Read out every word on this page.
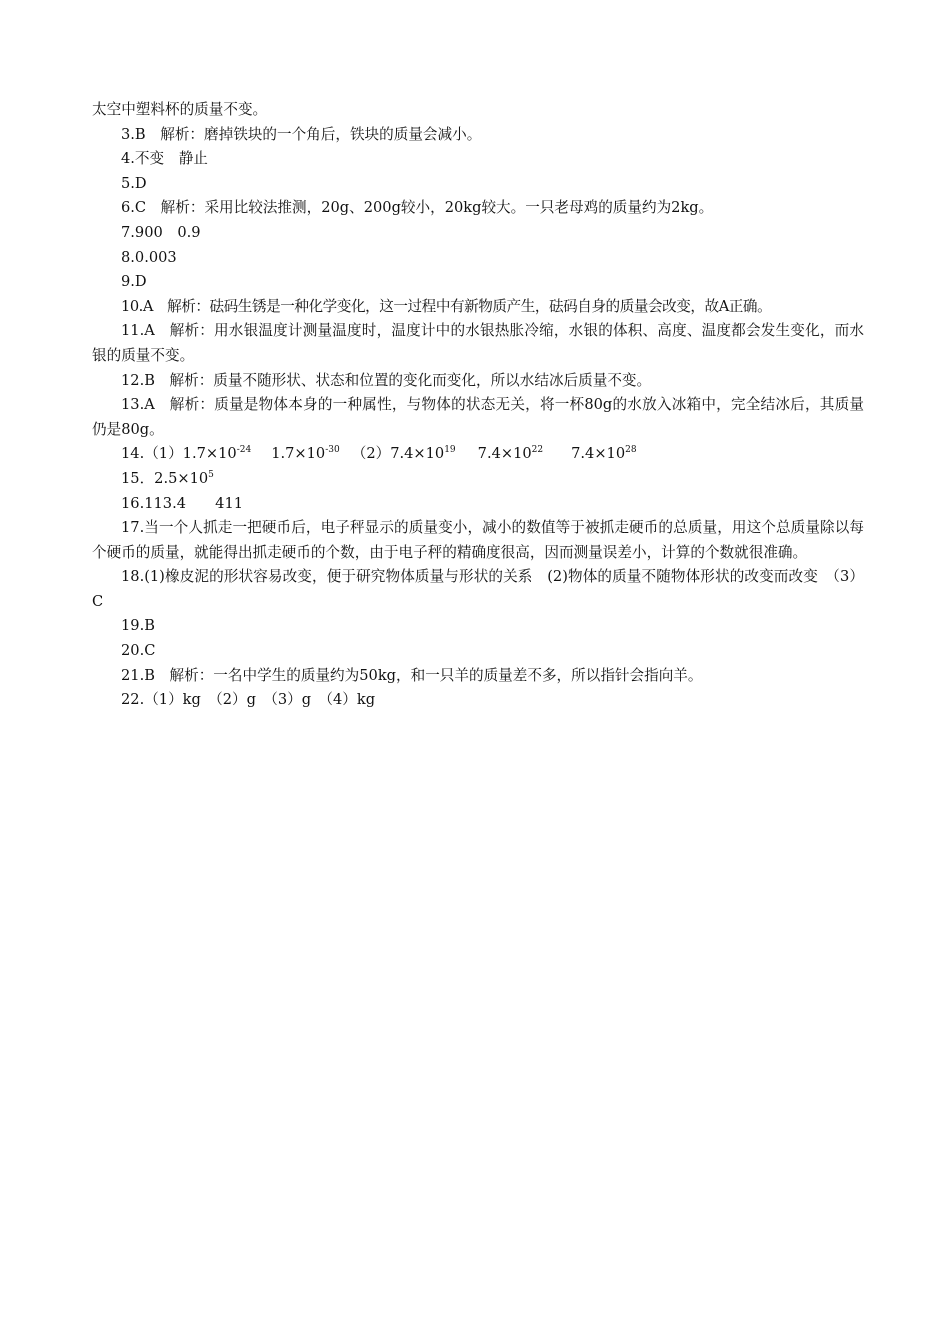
太空中塑料杯的质量不变。
3.B　解析：磨掉铁块的一个角后，铁块的质量会减小。
4.不变　静止
5.D
6.C　解析：采用比较法推测，20g、200g较小，20kg较大。一只老母鸡的质量约为2kg。
7.900　0.9
8.0.003
9.D
10.A　解析：砝码生锈是一种化学变化，这一过程中有新物质产生，砝码自身的质量会改变，故A正确。
11.A　解析：用水银温度计测量温度时，温度计中的水银热胀冷缩，水银的体积、高度、温度都会发生变化，而水银的质量不变。
12.B　解析：质量不随形状、状态和位置的变化而变化，所以水结冰后质量不变。
13.A　解析：质量是物体本身的一种属性，与物体的状态无关，将一杯80g的水放入冰箱中，完全结冰后，其质量仍是80g。
$14.(1)1.7\times 10^{-24}$ $1.7\times 10^{-30}$ $(2)7.4\times 10^{19}$ $7.4\times 10^{22}$ $7.4\times 10^{28}$
15．$2.5\times 10^5$
16.113.4　　411
17.当一个人抓走一把硬币后，电子秤显示的质量变小，减小的数值等于被抓走硬币的总质量，用这个总质量除以每个硬币的质量，就能得出抓走硬币的个数，由于电子秤的精确度很高，因而测量误差小，计算的个数就很准确。
18.(1)橡皮泥的形状容易改变，便于研究物体质量与形状的关系　(2)物体的质量不随物体形状的改变而改变　（3）C
19.B
20.C
21.B　解析：一名中学生的质量约为50kg，和一只羊的质量差不多，所以指针会指向羊。
22.（1）kg　（2）g　（3）g　（4）kg
